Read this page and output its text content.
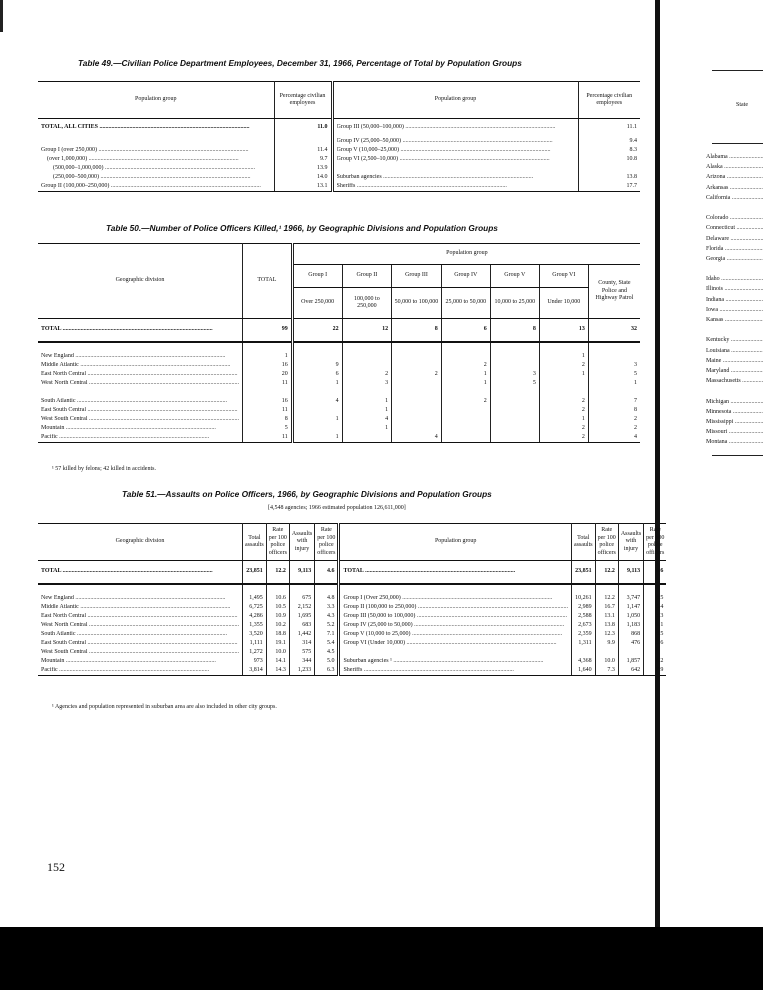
Table 49.—Civilian Police Department Employees, December 31, 1966, Percentage of Total by Population Groups
Population group	Percentage civilian employees	Population group	Percentage civilian employees

TOTAL, ALL CITIES .....	11.0	Group III (50,000–100,000) .....	11.1

		Group IV (25,000–50,000) .....	9.4

Group I (over 250,000) .....	11.4	Group V (10,000–25,000) .....	8.3

(over 1,000,000) .....	9.7	Group VI (2,500–10,000) .....	10.8

(500,000–1,000,000) .....	13.9		

(250,000–500,000) .....	14.0	Suburban agencies .....	13.8

Group II (100,000–250,000) .....	13.1	Sheriffs .....	17.7
Table 50.—Number of Police Officers Killed,¹ 1966, by Geographic Divisions and Population Groups
Geographic division	TOTAL	Population group						
		Group I	Group II	Group III	Group IV	Group V	Group VI	County, State Police and Highway Patrol
		Over 250,000	100,000 to 250,000	50,000 to 100,000	25,000 to 50,000	10,000 to 25,000	Under 10,000	

TOTAL .....	99	22	12	8	6	8	13	32

New England .....	1						1	

Middle Atlantic .....	16	9			2		2	3

East North Central .....	20	6	2	2	1	3	1	5

West North Central .....	11	1	3		1	5		1

South Atlantic .....	16	4	1		2		2	7

East South Central .....	11		1				2	8

West South Central .....	8	1	4				1	2

Mountain .....	5		1				2	2

Pacific .....	11	1		4			2	4
¹ 57 killed by felons; 42 killed in accidents.
Table 51.—Assaults on Police Officers, 1966, by Geographic Divisions and Population Groups
[4,548 agencies; 1966 estimated population 126,611,000]
Geographic division	Total assaults	Rate per 100 police officers	Assaults with injury	Rate per 100 police officers	Population group	Total assaults	Rate per 100 police officers	Assaults with injury	Rate per 100 police officers

TOTAL .....	23,851	12.2	9,113	4.6	TOTAL .....	23,851	12.2	9,113	4.6

New England .....	1,495	10.6	675	4.8	Group I (Over 250,000) .....	10,261	12.2	3,747	4.5

Middle Atlantic .....	6,725	10.5	2,152	3.3	Group II (100,000 to 250,000) .....	2,989	16.7	1,147	6.4

East North Central .....	4,286	10.9	1,695	4.3	Group III (50,000 to 100,000) .....	2,588	13.1	1,050	5.3

West North Central .....	1,355	10.2	683	5.2	Group IV (25,000 to 50,000) .....	2,673	13.8	1,183	6.1

South Atlantic .....	3,520	18.8	1,442	7.1	Group V (10,000 to 25,000) .....	2,359	12.3	868	4.5

East South Central .....	1,111	19.1	314	5.4	Group VI (Under 10,000) .....	1,311	9.9	476	3.6

West South Central .....	1,272	10.0	575	4.5					

Mountain .....	973	14.1	344	5.0	Suburban agencies ¹ .....	4,368	10.0	1,857	4.2

Pacific .....	3,814	14.3	1,233	6.3	Sheriffs .....	1,640	7.3	642	2.9
¹ Agencies and population represented in suburban area are also included in other city groups.
State
Alabama .....
Alaska .....
Arizona .....
Arkansas .....
California .....
Colorado .....
Connecticut .....
Delaware .....
Florida .....
Georgia .....
Idaho .....
Illinois .....
Indiana .....
Iowa .....
Kansas .....
Kentucky .....
Louisiana .....
Maine .....
Maryland .....
Massachusetts .....
Michigan .....
Minnesota .....
Mississippi .....
Missouri .....
Montana .....
152
